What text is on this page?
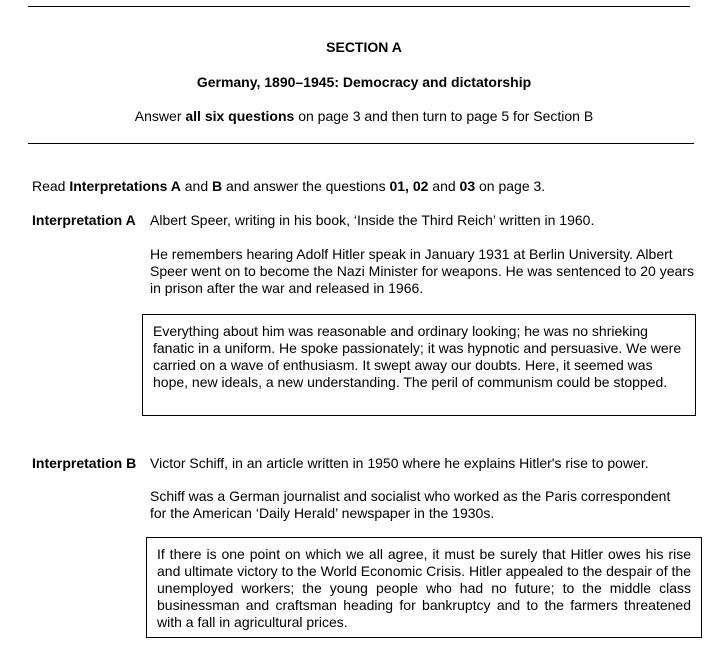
SECTION A
Germany, 1890–1945: Democracy and dictatorship
Answer all six questions on page 3 and then turn to page 5 for Section B
Read Interpretations A and B and answer the questions 01, 02 and 03 on page 3.
Interpretation A Albert Speer, writing in his book, ‘Inside the Third Reich’ written in 1960.
He remembers hearing Adolf Hitler speak in January 1931 at Berlin University. Albert Speer went on to become the Nazi Minister for weapons. He was sentenced to 20 years in prison after the war and released in 1966.
Everything about him was reasonable and ordinary looking; he was no shrieking fanatic in a uniform. He spoke passionately; it was hypnotic and persuasive. We were carried on a wave of enthusiasm. It swept away our doubts. Here, it seemed was hope, new ideals, a new understanding. The peril of communism could be stopped.
Interpretation B Victor Schiff, in an article written in 1950 where he explains Hitler's rise to power.
Schiff was a German journalist and socialist who worked as the Paris correspondent for the American ‘Daily Herald’ newspaper in the 1930s.
If there is one point on which we all agree, it must be surely that Hitler owes his rise and ultimate victory to the World Economic Crisis. Hitler appealed to the despair of the unemployed workers; the young people who had no future; to the middle class businessman and craftsman heading for bankruptcy and to the farmers threatened with a fall in agricultural prices.
